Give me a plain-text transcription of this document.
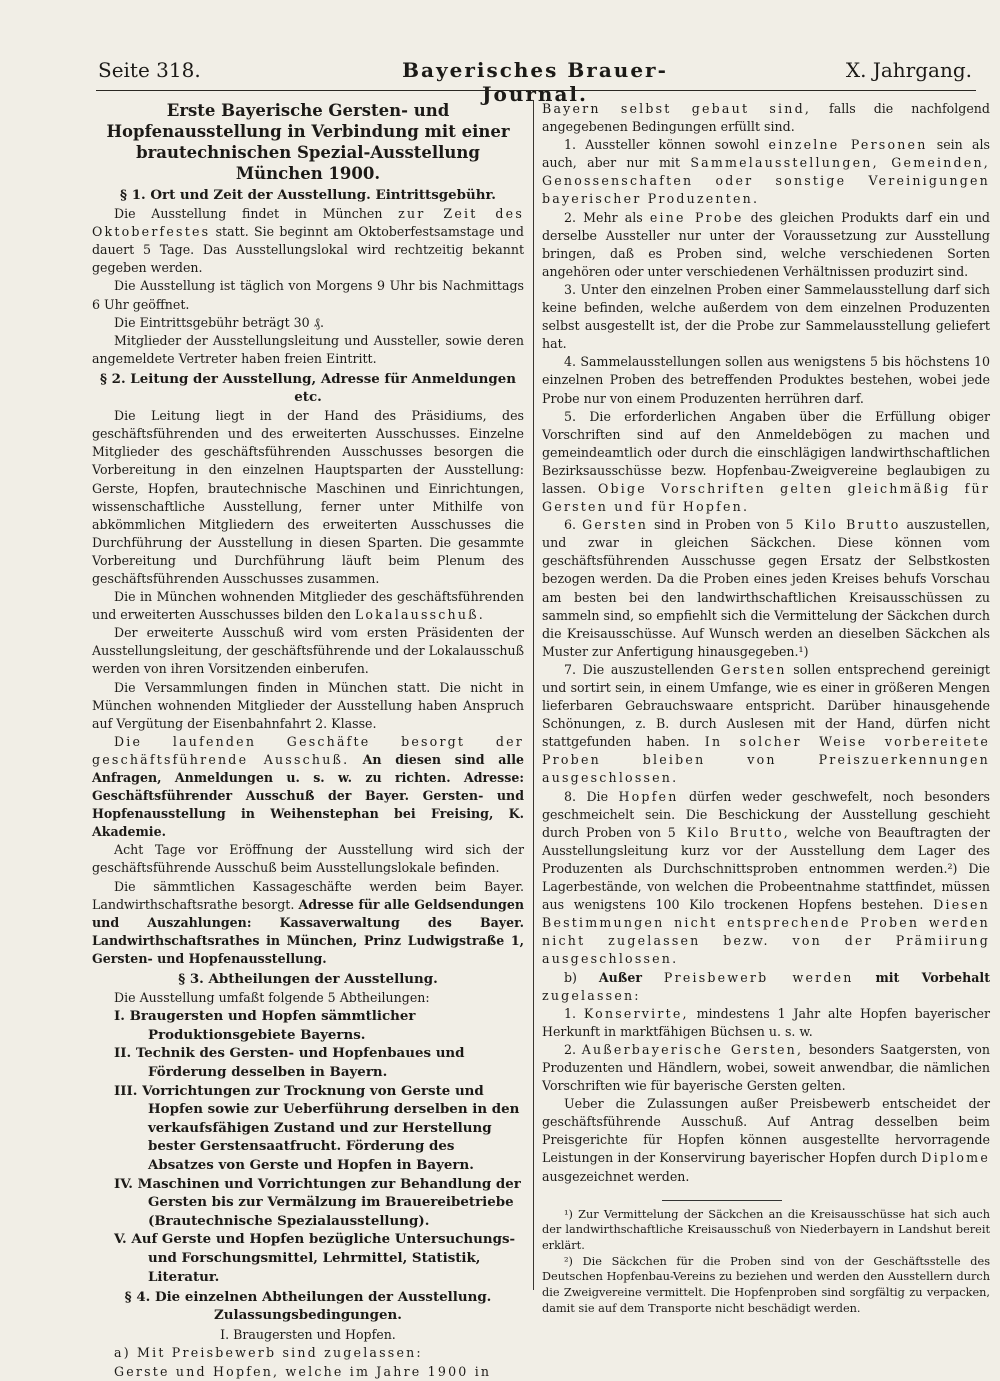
Seite 318.	Bayerisches Brauer-Journal.
X. Jahrgang.

Erste Bayerische Gersten- und Hopfenausstellung in Verbindung mit einer brautechnischen Spezial-Ausstellung München 1900.

§ 1. Ort und Zeit der Ausstellung. Eintrittsgebühr.

Die Ausstellung findet in München zur Zeit des Oktoberfestes statt. Sie beginnt am Oktoberfestsamstage und dauert 5 Tage. Das Ausstellungslokal wird rechtzeitig bekannt gegeben werden.

Die Ausstellung ist täglich von Morgens 9 Uhr bis Nachmittags 6 Uhr geöffnet.

Die Eintrittsgebühr beträgt 30 ₰.

Mitglieder der Ausstellungsleitung und Aussteller, sowie deren angemeldete Vertreter haben freien Eintritt.

§ 2. Leitung der Ausstellung, Adresse für Anmeldungen etc.

Die Leitung liegt in der Hand des Präsidiums, des geschäftsführenden und des erweiterten Ausschusses. Einzelne Mitglieder des geschäftsführenden Ausschusses besorgen die Vorbereitung in den einzelnen Hauptsparten der Ausstellung: Gerste, Hopfen, brautechnische Maschinen und Einrichtungen, wissenschaftliche Ausstellung, ferner unter Mithilfe von abkömmlichen Mitgliedern des erweiterten Ausschusses die Durchführung der Ausstellung in diesen Sparten. Die gesammte Vorbereitung und Durchführung läuft beim Plenum des geschäftsführenden Ausschusses zusammen.

Die in München wohnenden Mitglieder des geschäftsführenden und erweiterten Ausschusses bilden den Lokalausschuß.

Der erweiterte Ausschuß wird vom ersten Präsidenten der Ausstellungsleitung, der geschäftsführende und der Lokalausschuß werden von ihren Vorsitzenden einberufen.

Die Versammlungen finden in München statt. Die nicht in München wohnenden Mitglieder der Ausstellung haben Anspruch auf Vergütung der Eisenbahnfahrt 2. Klasse.

Die laufenden Geschäfte besorgt der geschäftsführende Ausschuß. An diesen sind alle Anfragen, Anmeldungen u. s. w. zu richten. Adresse: Geschäftsführender Ausschuß der Bayer. Gersten- und Hopfenausstellung in Weihenstephan bei Freising, K. Akademie.

Acht Tage vor Eröffnung der Ausstellung wird sich der geschäftsführende Ausschuß beim Ausstellungslokale befinden.

Die sämmtlichen Kassageschäfte werden beim Bayer. Landwirthschaftsrathe besorgt. Adresse für alle Geldsendungen und Auszahlungen: Kassaverwaltung des Bayer. Landwirthschaftsrathes in München, Prinz Ludwigstraße 1, Gersten- und Hopfenausstellung.

§ 3. Abtheilungen der Ausstellung.

Die Ausstellung umfaßt folgende 5 Abtheilungen:

I. Braugersten und Hopfen sämmtlicher Produktionsgebiete Bayerns.

II. Technik des Gersten- und Hopfenbaues und Förderung desselben in Bayern.

III. Vorrichtungen zur Trocknung von Gerste und Hopfen sowie zur Ueberführung derselben in den verkaufsfähigen Zustand und zur Herstellung bester Gerstensaatfrucht. Förderung des Absatzes von Gerste und Hopfen in Bayern.

IV. Maschinen und Vorrichtungen zur Behandlung der Gersten bis zur Vermälzung im Brauereibetriebe (Brautechnische Spezialausstellung).

V. Auf Gerste und Hopfen bezügliche Untersuchungs- und Forschungsmittel, Lehrmittel, Statistik, Literatur.

§ 4. Die einzelnen Abtheilungen der Ausstellung. Zulassungsbedingungen.

I. Braugersten und Hopfen.

a) Mit Preisbewerb sind zugelassen:

Gerste und Hopfen, welche im Jahre 1900 in

Bayern selbst gebaut sind, falls die nachfolgend angegebenen Bedingungen erfüllt sind.

1. Aussteller können sowohl einzelne Personen sein als auch, aber nur mit Sammelausstellungen, Gemeinden, Genossenschaften oder sonstige Vereinigungen bayerischer Produzenten.

2. Mehr als eine Probe des gleichen Produkts darf ein und derselbe Aussteller nur unter der Voraussetzung zur Ausstellung bringen, daß es Proben sind, welche verschiedenen Sorten angehören oder unter verschiedenen Verhältnissen produzirt sind.

3. Unter den einzelnen Proben einer Sammelausstellung darf sich keine befinden, welche außerdem von dem einzelnen Produzenten selbst ausgestellt ist, der die Probe zur Sammelausstellung geliefert hat.

4. Sammelausstellungen sollen aus wenigstens 5 bis höchstens 10 einzelnen Proben des betreffenden Produktes bestehen, wobei jede Probe nur von einem Produzenten herrühren darf.

5. Die erforderlichen Angaben über die Erfüllung obiger Vorschriften sind auf den Anmeldebögen zu machen und gemeindeamtlich oder durch die einschlägigen landwirthschaftlichen Bezirksausschüsse bezw. Hopfenbau-Zweigvereine beglaubigen zu lassen. Obige Vorschriften gelten gleichmäßig für Gersten und für Hopfen.

6. Gersten sind in Proben von 5 Kilo Brutto auszustellen, und zwar in gleichen Säckchen. Diese können vom geschäftsführenden Ausschusse gegen Ersatz der Selbstkosten bezogen werden. Da die Proben eines jeden Kreises behufs Vorschau am besten bei den landwirthschaftlichen Kreisausschüssen zu sammeln sind, so empfiehlt sich die Vermittelung der Säckchen durch die Kreisausschüsse. Auf Wunsch werden an dieselben Säckchen als Muster zur Anfertigung hinausgegeben.¹)

7. Die auszustellenden Gersten sollen entsprechend gereinigt und sortirt sein, in einem Umfange, wie es einer in größeren Mengen lieferbaren Gebrauchswaare entspricht. Darüber hinausgehende Schönungen, z. B. durch Auslesen mit der Hand, dürfen nicht stattgefunden haben. In solcher Weise vorbereitete Proben bleiben von Preiszuerkennungen ausgeschlossen.

8. Die Hopfen dürfen weder geschwefelt, noch besonders geschmeichelt sein. Die Beschickung der Ausstellung geschieht durch Proben von 5 Kilo Brutto, welche von Beauftragten der Ausstellungsleitung kurz vor der Ausstellung dem Lager des Produzenten als Durchschnittsproben entnommen werden.²) Die Lagerbestände, von welchen die Probeentnahme stattfindet, müssen aus wenigstens 100 Kilo trockenen Hopfens bestehen. Diesen Bestimmungen nicht entsprechende Proben werden nicht zugelassen bezw. von der Prämiirung ausgeschlossen.

b) Außer Preisbewerb werden mit Vorbehalt zugelassen:

1. Konservirte, mindestens 1 Jahr alte Hopfen bayerischer Herkunft in marktfähigen Büchsen u. s. w.

2. Außerbayerische Gersten, besonders Saatgersten, von Produzenten und Händlern, wobei, soweit anwendbar, die nämlichen Vorschriften wie für bayerische Gersten gelten.

Ueber die Zulassungen außer Preisbewerb entscheidet der geschäftsführende Ausschuß. Auf Antrag desselben beim Preisgerichte für Hopfen können ausgestellte hervorragende Leistungen in der Konservirung bayerischer Hopfen durch Diplome ausgezeichnet werden.

¹) Zur Vermittelung der Säckchen an die Kreisausschüsse hat sich auch der landwirthschaftliche Kreisausschuß von Niederbayern in Landshut bereit erklärt.

²) Die Säckchen für die Proben sind von der Geschäftsstelle des Deutschen Hopfenbau-Vereins zu beziehen und werden den Ausstellern durch die Zweigvereine vermittelt. Die Hopfenproben sind sorgfältig zu verpacken, damit sie auf dem Transporte nicht beschädigt werden.
